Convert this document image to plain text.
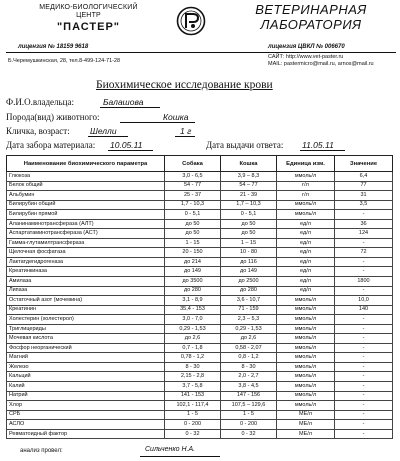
МЕДИКО-БИОЛОГИЧЕСКИЙ
ЦЕНТР
"ПАСТЕР"
ВЕТЕРИНАРНАЯ
ЛАБОРАТОРИЯ
лицензия № 18159 9618	лицензия ЦВКЛ № 006670
Б.Черемушкинская, 28, тел.8-499-124-71-28
САЙТ: http://www.vet-paster.ru
MAIL: pastermicro@mail.ru, arnos@mail.ru
Биохимическое исследование крови
Ф.И.О.владельца:	Балашова
Порода(вид) животного:	Кошка
Кличка, возраст: Шелли	1 г
Дата забора материала: 10.05.11	Дата выдачи ответа: 11.05.11
Наименование биохимического параметра	Собака	Кошка	Единица изм.	Значение
Глюкоза	3,0 - 6,5	3,9 – 8,3	ммоль/л	6,4
Белок общий	54 - 77	54 – 77	г/л	77
Альбумин	25 - 37	21 - 39	г/л	31
Билирубин общий	1,7 - 10,3	1,7 – 10,3	ммоль/л	3,5
Билирубин прямой	0 - 5,1	0 - 5,1	ммоль/л	-
Аланинаминотрансфераза (АЛТ)	до 50	до 50	ед/л	36
Аспартатаминотрансфераза (АСТ)	до 50	до 50	ед/л	124
Гамма-глутамилтрансфераза	1 - 15	1 – 15	ед/л	-
Щелочная фосфатаза	20 - 150	10 - 80	ед/л	72
Лактатдегидрогеназа	до 214	до 116	ед/л	-
Креатинкиназа	до 149	до 149	ед/л	-
Амилаза	до 3500	до 2500	ед/л	1800
Липаза	до 280	до 280	ед/л	-
Остаточный азот (мочевина)	3,1 - 8,9	3,6 - 10,7	ммоль/л	10,0
Креатинин	35,4 - 153	71 - 159	ммоль/л	140
Холестерин (холестерол)	3,0 - 7,0	2,3 – 5,3	ммоль/л	-
Триглицериды	0,29 - 1,53	0,29 - 1,53	ммоль/л	-
Мочевая кислота	до 2,6	до 2,6	ммоль/л	-
Фосфор неорганический	0,7 - 1,8	0,58 - 2,07	ммоль/л	-
Магний	0,78 - 1,2	0,8 - 1,2	ммоль/л	-
Железо	8 - 30	8 - 30	ммоль/л	-
Кальций	2,15 - 2,8	2,0 - 2,7	ммоль/л	-
Калий	3,7 - 5,8	3,8 - 4,5	ммоль/л	-
Натрий	141 - 153	147 - 156	ммоль/л	-
Хлор	102,1 - 117,4	107,5 – 129,6	ммоль/л	-
СРБ	1 - 5	1 - 5	МЕ/л	-
АСЛО	0 - 200	0 - 200	МЕ/л	-
Ревматоидный фактор	0 - 32	0 - 32	МЕ/л	-
анализ провел:	Сильченко Н.А.
